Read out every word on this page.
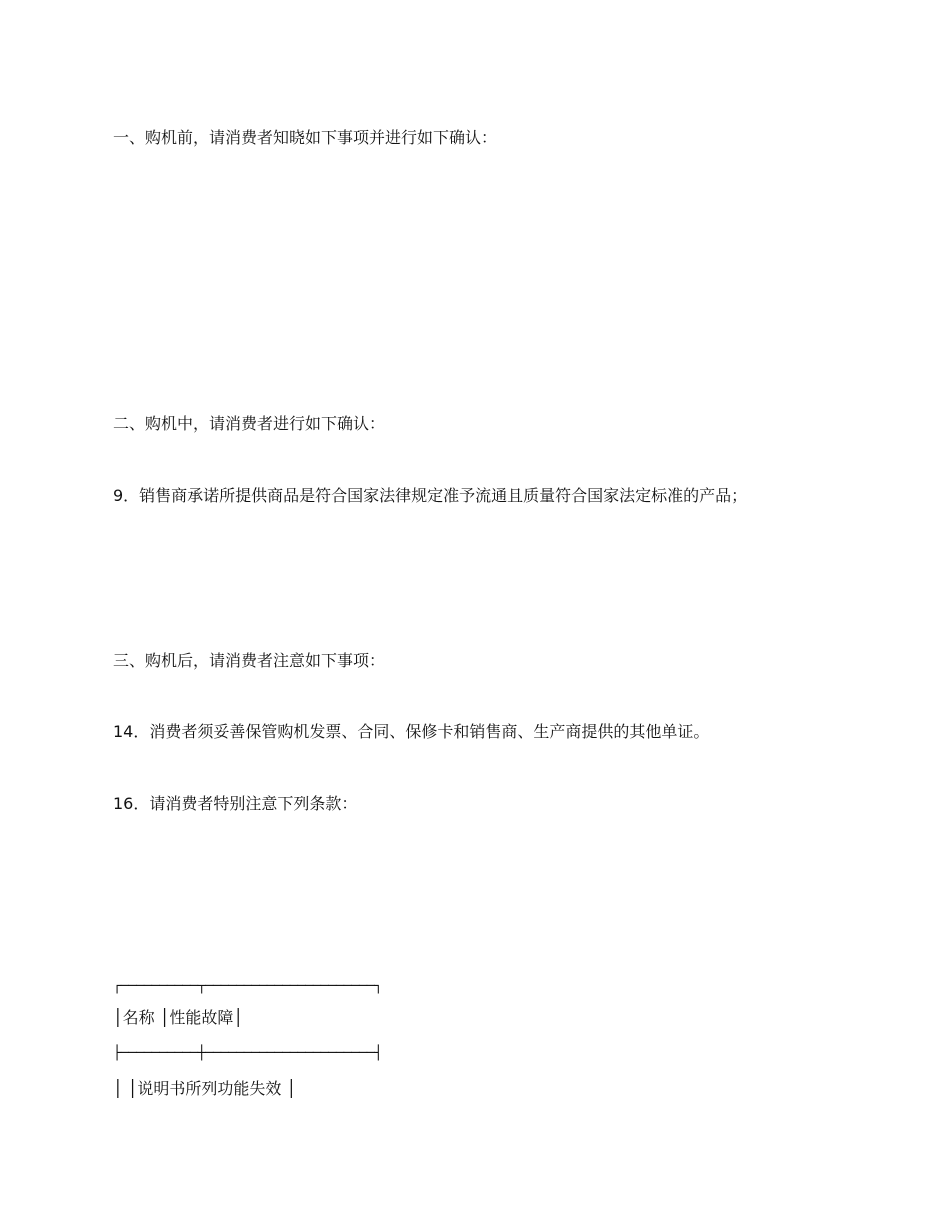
一、购机前，请消费者知晓如下事项并进行如下确认：

二、购机中，请消费者进行如下确认：

9．销售商承诺所提供商品是符合国家法律规定准予流通且质量符合国家法定标准的产品；

三、购机后，请消费者注意如下事项：

14．消费者须妥善保管购机发票、合同、保修卡和销售商、生产商提供的其他单证。

16．请消费者特别注意下列条款：

┌──────────┬──────────────────────┐

│名称 │性能故障│

├──────────┼──────────────────────┤

│ │说明书所列功能失效 │
